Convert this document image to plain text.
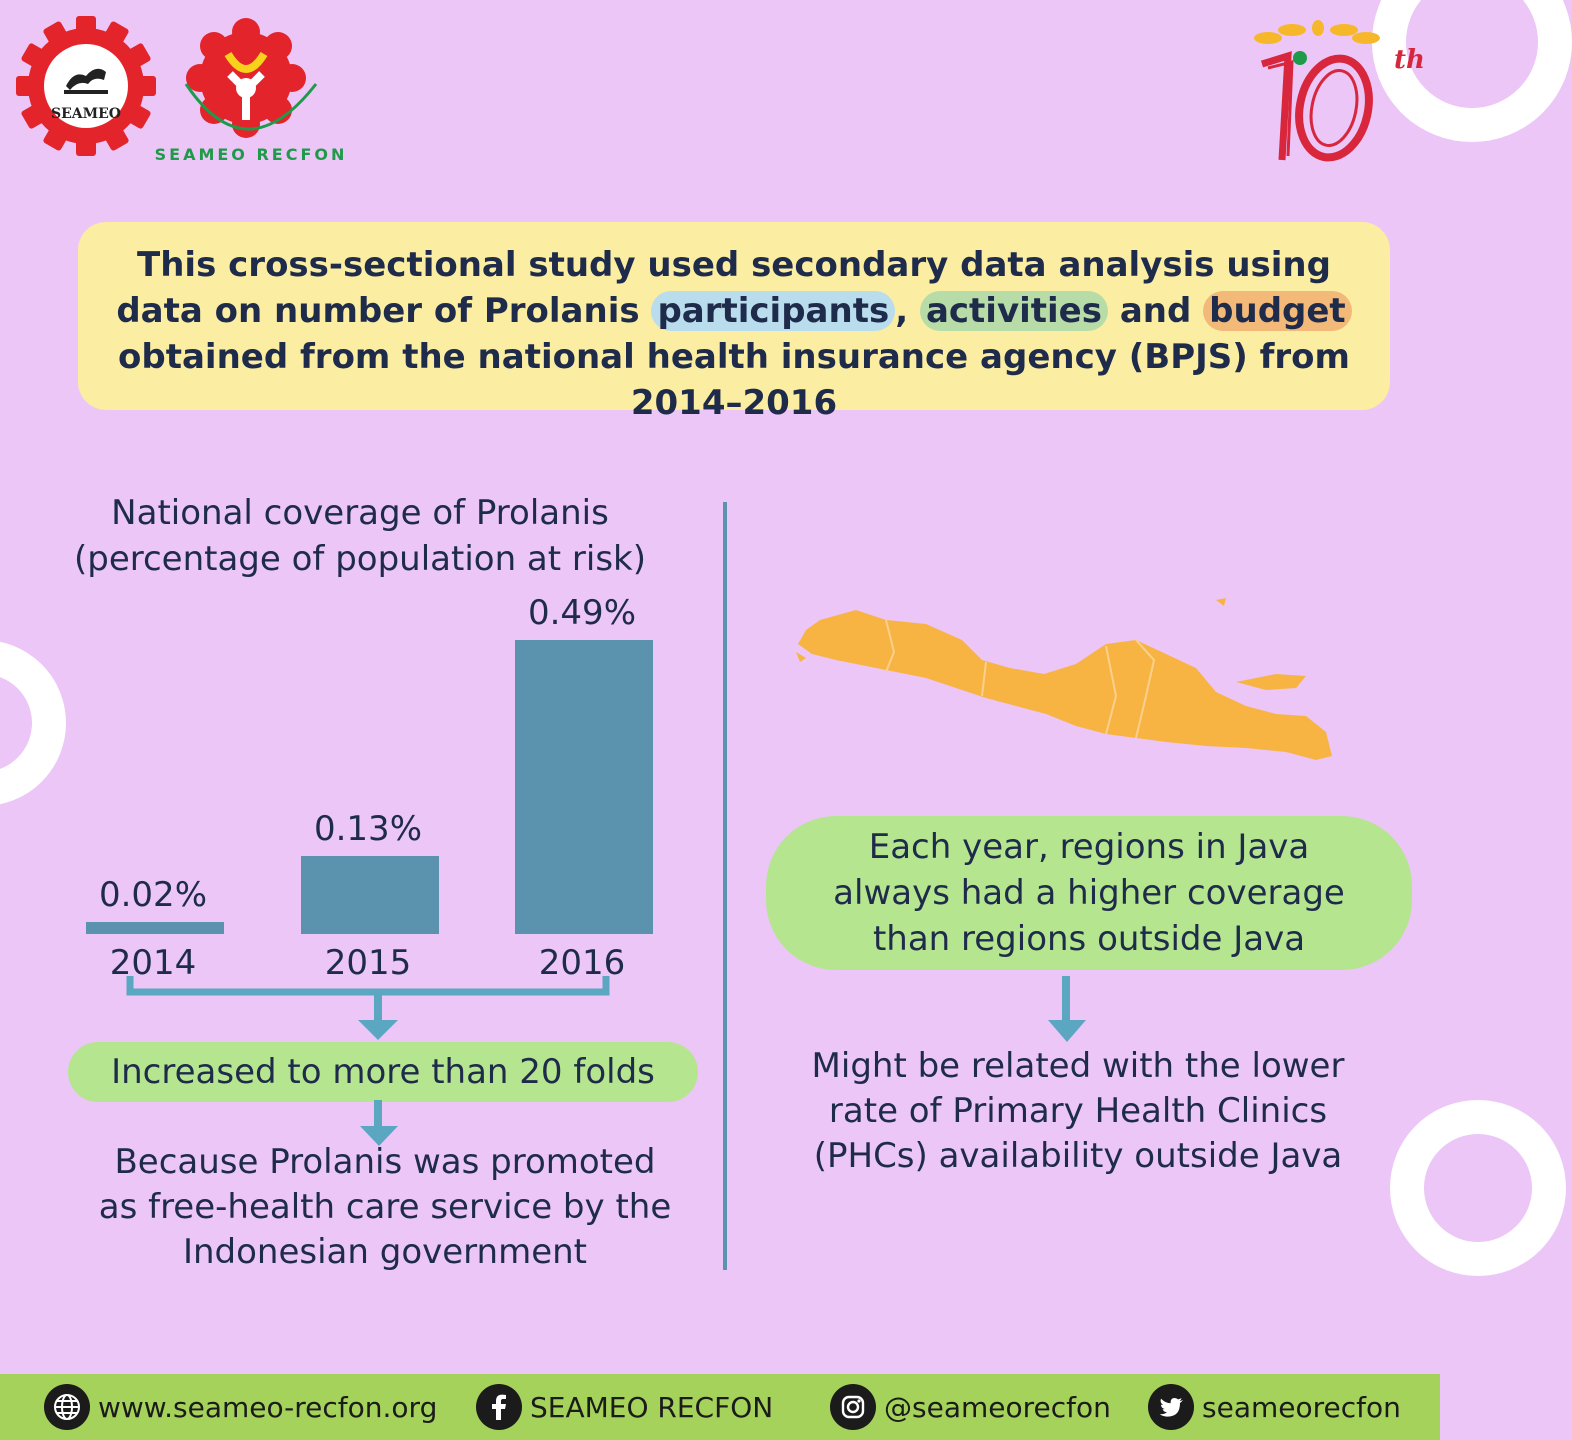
SEAMEO
SEAMEO RECFON
th
This cross-sectional study used secondary data analysis using data on number of Prolanis participants , activities and budget obtained from the national health insurance agency (BPJS) from 2014–2016
National coverage of Prolanis
(percentage of population at risk)
0.02%
2014
0.13%
2015
0.49%
2016
Increased to more than 20 folds
Because Prolanis was promoted
as free-health care service by the
Indonesian government
Each year, regions in Java
always had a higher coverage
than regions outside Java
Might be related with the lower
rate of Primary Health Clinics
(PHCs) availability outside Java
www.seameo-recfon.org	SEAMEO RECFON	@seameorecfon	seameorecfon
